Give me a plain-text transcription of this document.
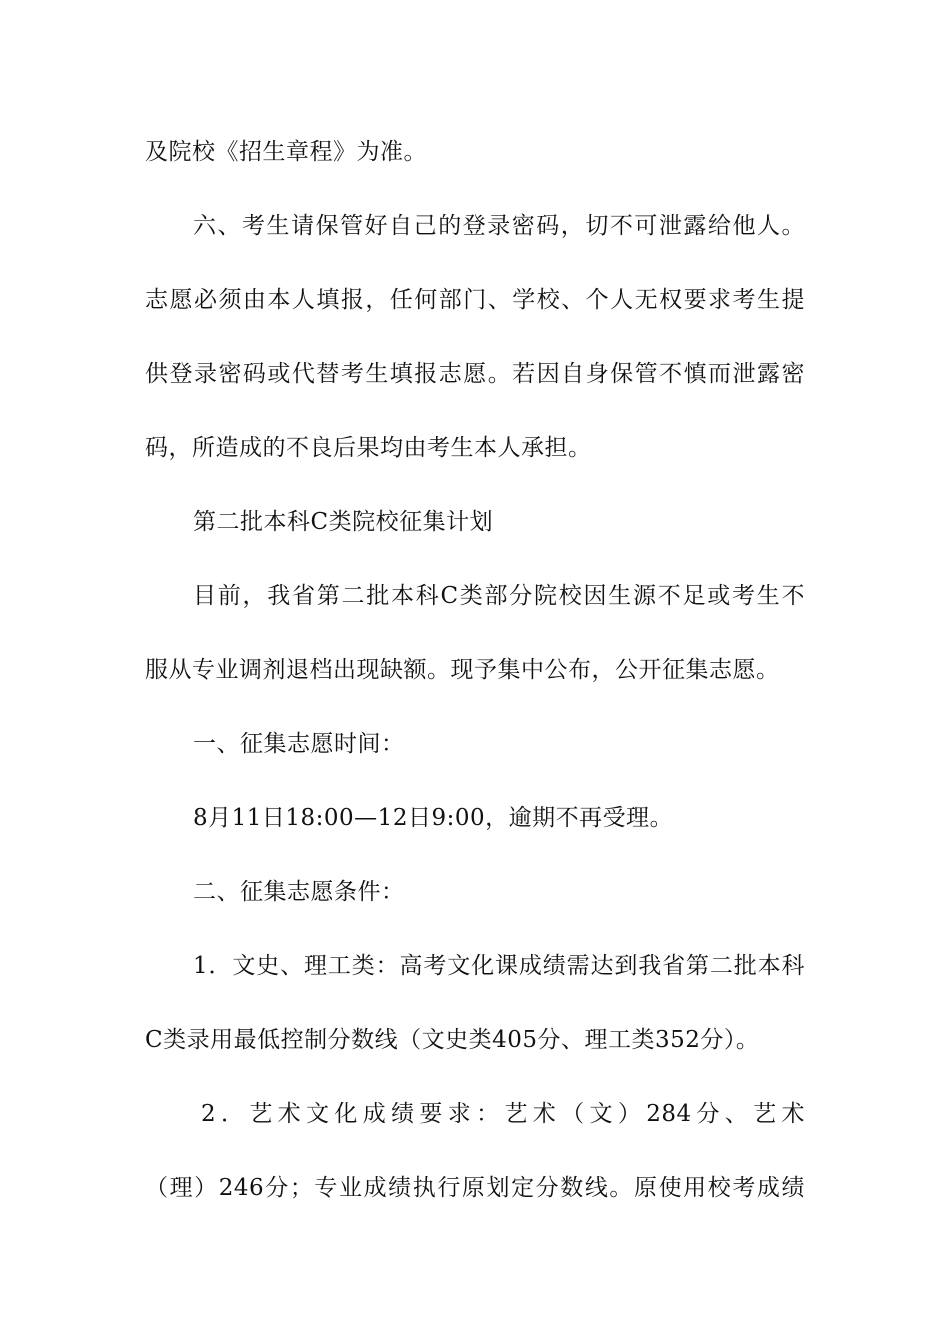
及院校《招生章程》为准。
六、考生请保管好自己的登录密码，切不可泄露给他人。
志愿必须由本人填报，任何部门、学校、个人无权要求考生提
供登录密码或代替考生填报志愿。若因自身保管不慎而泄露密
码，所造成的不良后果均由考生本人承担。
第二批本科C类院校征集计划
目前，我省第二批本科C类部分院校因生源不足或考生不
服从专业调剂退档出现缺额。现予集中公布，公开征集志愿。
一、征集志愿时间：
8月11日18:00—12日9:00，逾期不再受理。
二、征集志愿条件：
1．文史、理工类：高考文化课成绩需达到我省第二批本科
C类录用最低控制分数线（文史类405分、理工类352分）。
2．艺术文化成绩要求：艺术（文）284分、艺术
（理）246分；专业成绩执行原划定分数线。原使用校考成绩
